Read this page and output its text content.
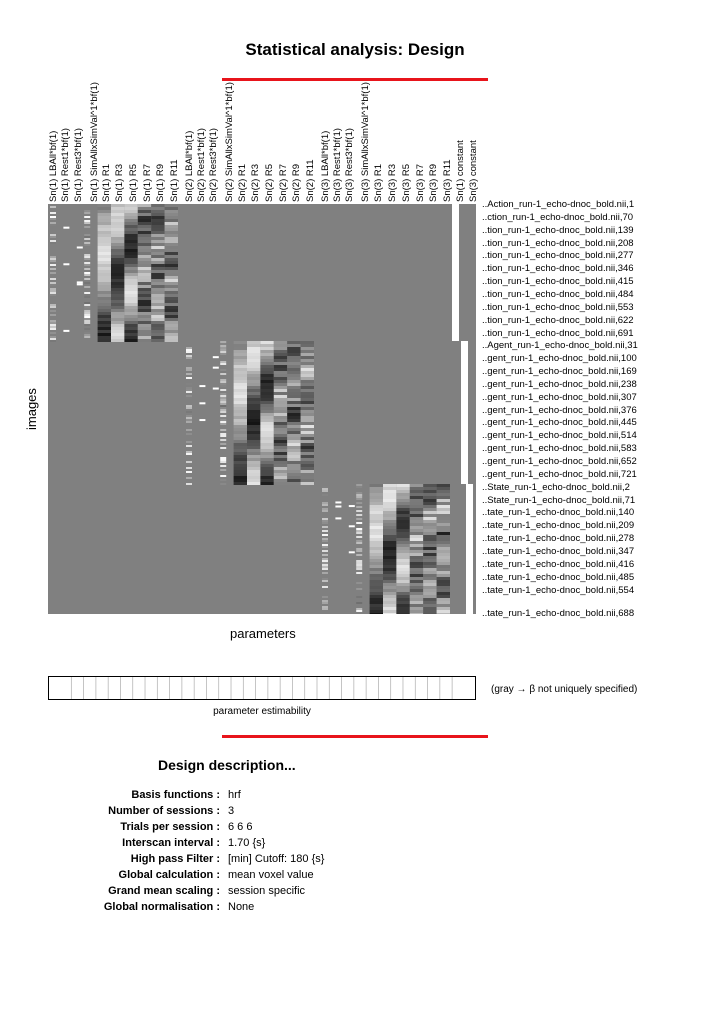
Statistical analysis: Design
Sn(1) LBAll*bf(1) Sn(1) Rest1*bf(1) Sn(1) Rest3*bf(1) Sn(1) SimAllxSimVal^1*bf(1) Sn(1) R1 Sn(1) R3 Sn(1) R5 Sn(1) R7 Sn(1) R9 Sn(1) R11 Sn(2) LBAll*bf(1) Sn(2) Rest1*bf(1) Sn(2) Rest3*bf(1) Sn(2) SimAllxSimVal^1*bf(1) Sn(2) R1 Sn(2) R3 Sn(2) R5 Sn(2) R7 Sn(2) R9 Sn(2) R11 Sn(3) LBAll*bf(1) Sn(3) Rest1*bf(1) Sn(3) Rest3*bf(1) Sn(3) SimAllxSimVal^1*bf(1) Sn(3) R1 Sn(3) R3 Sn(3) R5 Sn(3) R7 Sn(3) R9 Sn(3) R11 Sn(1) constant Sn(3) constant
..Action_run-1_echo-dnoc_bold.nii,1
..ction_run-1_echo-dnoc_bold.nii,70
..tion_run-1_echo-dnoc_bold.nii,139
..tion_run-1_echo-dnoc_bold.nii,208
..tion_run-1_echo-dnoc_bold.nii,277
..tion_run-1_echo-dnoc_bold.nii,346
..tion_run-1_echo-dnoc_bold.nii,415
..tion_run-1_echo-dnoc_bold.nii,484
..tion_run-1_echo-dnoc_bold.nii,553
..tion_run-1_echo-dnoc_bold.nii,622
..tion_run-1_echo-dnoc_bold.nii,691
..Agent_run-1_echo-dnoc_bold.nii,31
..gent_run-1_echo-dnoc_bold.nii,100
..gent_run-1_echo-dnoc_bold.nii,169
..gent_run-1_echo-dnoc_bold.nii,238
..gent_run-1_echo-dnoc_bold.nii,307
..gent_run-1_echo-dnoc_bold.nii,376
..gent_run-1_echo-dnoc_bold.nii,445
..gent_run-1_echo-dnoc_bold.nii,514
..gent_run-1_echo-dnoc_bold.nii,583
..gent_run-1_echo-dnoc_bold.nii,652
..gent_run-1_echo-dnoc_bold.nii,721
..State_run-1_echo-dnoc_bold.nii,2
..State_run-1_echo-dnoc_bold.nii,71
..tate_run-1_echo-dnoc_bold.nii,140
..tate_run-1_echo-dnoc_bold.nii,209
..tate_run-1_echo-dnoc_bold.nii,278
..tate_run-1_echo-dnoc_bold.nii,347
..tate_run-1_echo-dnoc_bold.nii,416
..tate_run-1_echo-dnoc_bold.nii,485
..tate_run-1_echo-dnoc_bold.nii,554
..tate_run-1_echo-dnoc_bold.nii,688
images
parameters
(gray → β not uniquely specified)
parameter estimability
Design description...
Basis functions : hrf
Number of sessions : 3
Trials per session : 6 6 6
Interscan interval : 1.70 {s}
High pass Filter : [min] Cutoff: 180 {s}
Global calculation : mean voxel value
Grand mean scaling : session specific
Global normalisation : None
